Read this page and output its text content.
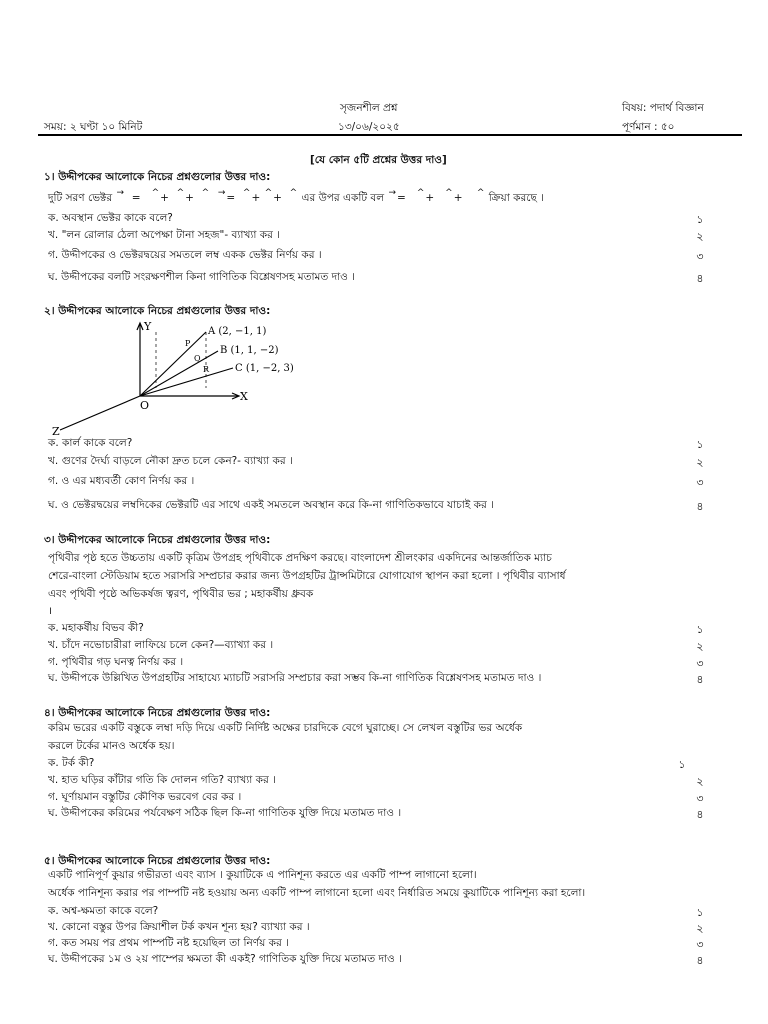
সৃজনশীল প্রশ্ন	বিষয়: পদার্থ বিজ্ঞান
সময়: ২ ঘণ্টা ১০ মিনিট	১৩/০৬/২০২৫	পূর্ণমান : ৫০
[যে কোন ৫টি প্রশ্নের উত্তর দাও]
১। উদ্দীপকের আলোকে নিচের প্রশ্নগুলোর উত্তর দাও:
দুটি সরণ ভেক্টর →  =   ^+  ^+  ^ →=  ^+ ^+  ^ এর উপর একটি বল →=   ^+   ^+    ^ ক্রিয়া করছে ।
ক. অবস্থান ভেক্টর কাকে বলে?	১
খ. "লন রোলার ঠেলা অপেক্ষা টানা সহজ"- ব্যাখ্যা কর ।	২
গ. উদ্দীপকের ও ভেক্টরদ্বয়ের সমতলে লম্ব একক ভেক্টর নির্ণয় কর ।	৩
ঘ. উদ্দীপকের বলটি সংরক্ষণশীল কিনা গাণিতিক বিশ্লেষণসহ মতামত দাও ।	৪
২। উদ্দীপকের আলোকে নিচের প্রশ্নগুলোর উত্তর দাও:
Y
X
Z
O
A (2, −1, 1)
B (1, 1, −2)
C (1, −2, 3)
P
Q
R
ক. কার্ল কাকে বলে?	১
খ. গুণের দৈর্ঘ্য বাড়লে নৌকা দ্রুত চলে কেন?- ব্যাখ্যা কর ।	২
গ. ও এর মধ্যবর্তী কোণ নির্ণয় কর ।	৩
ঘ. ও ভেক্টরদ্বয়ের লম্বদিকের ভেক্টরটি এর সাথে একই সমতলে অবস্থান করে কি-না গাণিতিকভাবে যাচাই কর ।	৪
৩। উদ্দীপকের আলোকে নিচের প্রশ্নগুলোর উত্তর দাও:
পৃথিবীর পৃষ্ঠ হতে উচ্চতায় একটি কৃত্রিম উপগ্রহ পৃথিবীকে প্রদক্ষিণ করছে। বাংলাদেশ শ্রীলংকার একদিনের আন্তর্জাতিক ম্যাচ
শেরে-বাংলা স্টেডিয়াম হতে সরাসরি সম্প্রচার করার জন্য উপগ্রহটির ট্রান্সমিটারে যোগাযোগ স্থাপন করা হলো । পৃথিবীর ব্যাসার্ধ
এবং পৃথিবী পৃষ্ঠে অভিকর্ষজ ত্বরণ, পৃথিবীর ভর ; মহাকর্ষীয় ধ্রুবক
।
ক. মহাকর্ষীয় বিভব কী?	১
খ. চাঁদে নভোচারীরা লাফিয়ে চলে কেন?—ব্যাখ্যা কর ।	২
গ. পৃথিবীর গড় ঘনত্ব নির্ণয় কর ।	৩
ঘ. উদ্দীপকে উল্লিখিত উপগ্রহটির সাহায্যে ম্যাচটি সরাসরি সম্প্রচার করা সম্ভব কি-না গাণিতিক বিশ্লেষণসহ মতামত দাও ।	৪
৪। উদ্দীপকের আলোকে নিচের প্রশ্নগুলোর উত্তর দাও:
করিম ভরের একটি বস্তুকে লম্বা দড়ি দিয়ে একটি নির্দিষ্ট অক্ষের চারদিকে বেগে ঘুরাচ্ছে। সে লেখল বস্তুটির ভর অর্ধেক
করলে টর্কের মানও অর্ধেক হয়।
ক. টর্ক কী?	১
খ. হাত ঘড়ির কাঁটার গতি কি দোলন গতি? ব্যাখ্যা কর ।	২
গ. ঘূর্ণায়মান বস্তুটির কৌণিক ভরবেগ বের কর ।	৩
ঘ. উদ্দীপকের করিমের পর্যবেক্ষণ সঠিক ছিল কি-না গাণিতিক যুক্তি দিয়ে মতামত দাও ।	৪
৫। উদ্দীপকের আলোকে নিচের প্রশ্নগুলোর উত্তর দাও:
একটি পানিপূর্ণ কুয়ার গভীরতা এবং ব্যাস । কুয়াটিকে এ পানিশূন্য করতে এর একটি পাম্প লাগানো হলো।
অর্ধেক পানিশূন্য করার পর পাম্পটি নষ্ট হওয়ায় অন্য একটি পাম্প লাগানো হলো এবং নির্ধারিত সময়ে কুয়াটিকে পানিশূন্য করা হলো।
ক. অশ্ব-ক্ষমতা কাকে বলে?	১
খ. কোনো বস্তুর উপর ক্রিয়াশীল টর্ক কখন শূন্য হয়? ব্যাখ্যা কর ।	২
গ. কত সময় পর প্রথম পাম্পটি নষ্ট হয়েছিল তা নির্ণয় কর ।	৩
ঘ. উদ্দীপকের ১ম ও ২য় পাম্পের ক্ষমতা কী একই? গাণিতিক যুক্তি দিয়ে মতামত দাও ।	৪
